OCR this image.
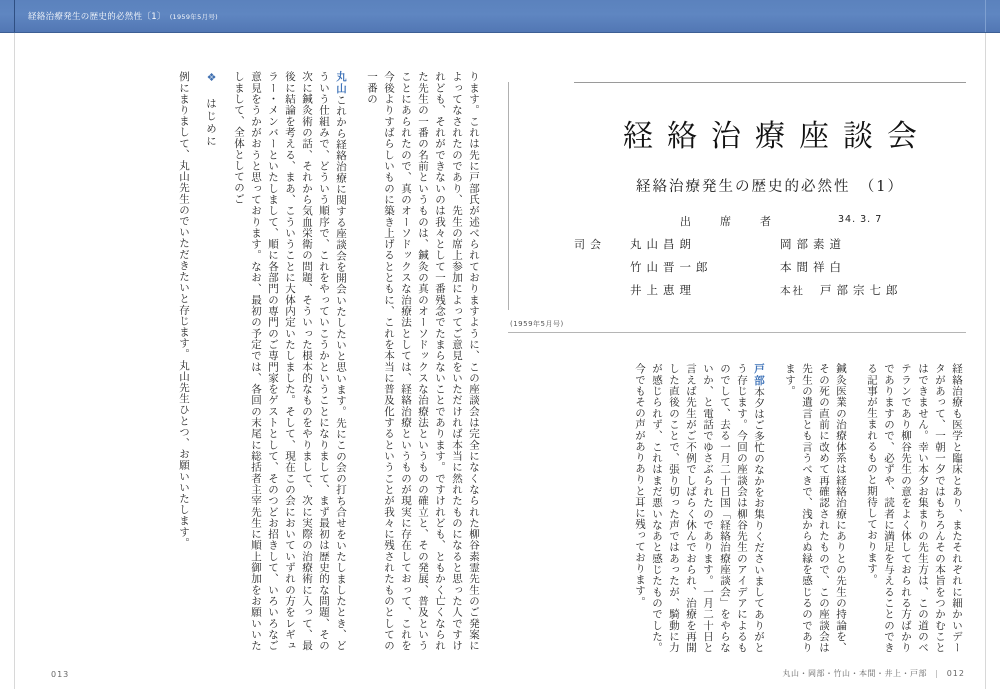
経絡治療発生の歴史的必然性〔1〕 (1959年5月号)
例にまりまして、丸山先生のでいただきたいと存じます。丸山先生ひとつ、お願いいたします。 ❖ はじめに
丸山これから経絡治療に関する座談会を開会いたしたいと思います。先にこの会の打ち合せをいたしましたとき、どういう仕組みで、どういう順序で、これをやっていこうかということになりまして、まず最初は歴史的な問題、その次に鍼灸術の話、それから気血栄衛の問題、そういった根本的なものをやりまして、次に実際の治療術に入って、最後に結論を考える、まあ、こういうことに大体内定いたしました。そして、現在この会においていずれの方をレギュラー・メンバーといたしまして、順に各部門の専門のご専門家をゲストとして、そのつどお招きして、いろいろなご意見をうかがおうと思っております。なお、最初の予定では、各回の末尾に総括者主宰先生に順上御加をお願いいたしまして、全体としてのご	ります。これは先に戸部氏が述べられておりますように、この座談会は完全になくなられた柳谷素霊先生のご発案によってなされたのであり、先生の席上参加によってご意見をいただければ本当に然れたものになると思った人ですけれども、それができないのは我々として一番残念でたまらないことであります。ですけれども、ともかく亡くなられた先生の一番の名前というものは、鍼灸の真のオーソドックスな治療法というものの確立と、その発展、普及ということにあられたので、真のオーソドックスな治療法としては、経絡治療というものが現実に存在しておって、これを今後よりすばらしいものに築き上げるとともに、これを本当に普及化するということが我々に残されたものとしての一番の
013
経絡治療座談会
経絡治療発生の歴史的必然性　（1）
出　席　者	34. 3. 7
司会	丸山昌朗	岡部素道
竹山晋一郎	本間祥白
井上恵理	本社	戸部宗七郎
(1959年5月号)
戸部本夕はご多忙のなかをお集りくださいましてありがとう存じます。今回の座談会は柳谷先生のアイデアによるものでして、去る一月二十日国「経絡治療座談会」をやらないか、と電話でゆさぶられたのであります。一月二十日と言えば先生がご不例でしばらく休んでおられ、治療を再開した直後のことで、張り切った声ではあったが、騎動に力が感じられず、これはまだ悪いなあと感じたものでした。今でもその声がありありと耳に残っております。	鍼灸医業の治療体系は経絡治療にありとの先生の持論を、その死の直前に改めて再確認されたもので、この座談会は先生の遺言とも言うべきで、浅からぬ縁を感じるのであります。	経絡治療も医学と臨床とあり、またそれぞれに細かいデータがあって、一朝一夕ではもちろんその本旨をつかむことはできません。幸い本夕お集まりの先生方は、この道のベテランであり柳谷先生の意をよく体しておられる方ばかりでありますので、必ずや、読者に満足を与えることのできる記事が生まれるものと期待しております。
丸山・岡部・竹山・本間・井上・戸部 | 012
